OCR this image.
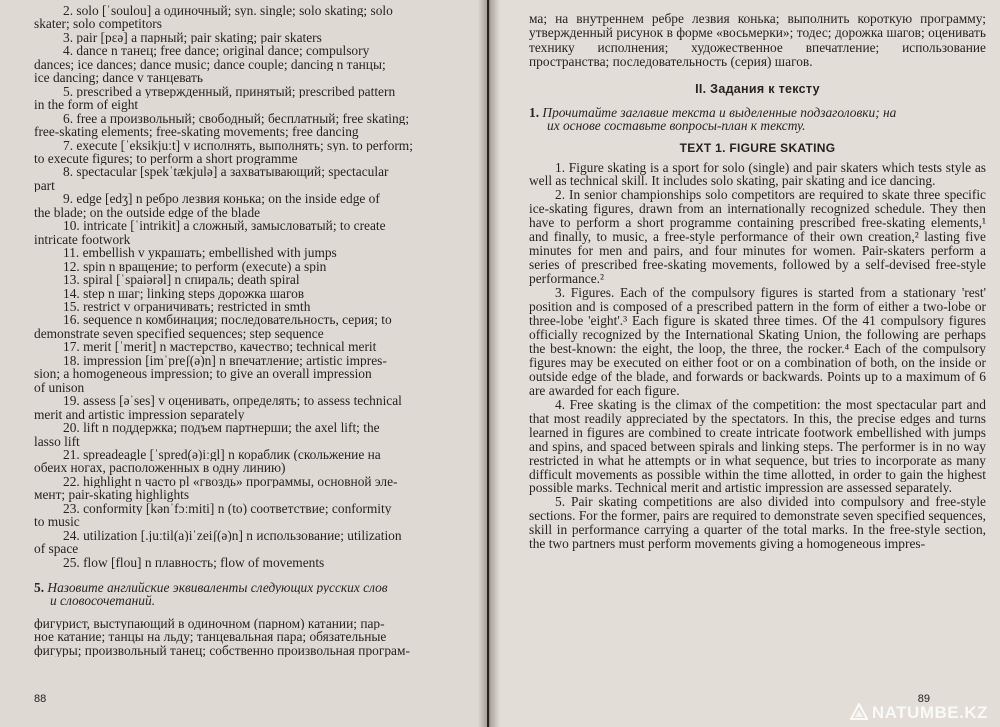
2. solo [ˈsoulou] a одиночный; syn. single; solo skating; solo
skater; solo competitors
3. pair [pɛə] a парный; pair skating; pair skaters
4. dance n танец; free dance; original dance; compulsory
dances; ice dances; dance music; dance couple; dancing n танцы;
ice dancing; dance v танцевать
5. prescribed a утвержденный, принятый; prescribed pattern
in the form of eight
6. free a произвольный; свободный; бесплатный; free skating;
free-skating elements; free-skating movements; free dancing
7. execute [ˈeksikjuːt] v исполнять, выполнять; syn. to perform;
to execute figures; to perform a short programme
8. spectacular [spekˈtækjulə] a захватывающий; spectacular
part
9. edge [edʒ] n ребро лезвия конька; on the inside edge of
the blade; on the outside edge of the blade
10. intricate [ˈintrikit] a сложный, замысловатый; to create
intricate footwork
11. embellish v украшать; embellished with jumps
12. spin n вращение; to perform (execute) a spin
13. spiral [ˈspaiərəl] n спираль; death spiral
14. step n шаг; linking steps дорожка шагов
15. restrict v ограничивать; restricted in smth
16. sequence n комбинация; последовательность, серия; to
demonstrate seven specified sequences; step sequence
17. merit [ˈmerit] n мастерство, качество; technical merit
18. impression [imˈpreʃ(ə)n] n впечатление; artistic impres-
sion; a homogeneous impression; to give an overall impression
of unison
19. assess [əˈses] v оценивать, определять; to assess technical
merit and artistic impression separately
20. lift n поддержка; подъем партнерши; the axel lift; the
lasso lift
21. spreadeagle [ˈspred(ə)iːgl] n кораблик (скольжение на
обеих ногах, расположенных в одну линию)
22. highlight n часто pl «гвоздь» программы, основной эле-
мент; pair-skating highlights
23. conformity [kənˈfɔːmiti] n (to) соответствие; conformity
to music
24. utilization [.juːtil(a)iˈzeiʃ(ə)n] n использование; utilization
of space
25. flow [flou] n плавность; flow of movements
5. Назовите английские эквиваленты следующих русских слов
и словосочетаний.
фигурист, выступающий в одиночном (парном) катании; пар-
ное катание; танцы на льду; танцевальная пара; обязательные
фигуры; произвольный танец; собственно произвольная програм-
88
ма; на внутреннем ребре лезвия конька; выполнить короткую программу; утвержденный рисунок в форме «восьмерки»; тодес; дорожка шагов; оценивать технику исполнения; художественное впечатление; использование пространства; последовательность (серия) шагов.
II. Задания к тексту
1. Прочитайте заглавие текста и выделенные подзаголовки; на
их основе составьте вопросы-план к тексту.
TEXT 1. FIGURE SKATING

1. Figure skating is a sport for solo (single) and pair skaters which tests style as well as technical skill. It includes solo skating, pair skating and ice dancing.

2. In senior championships solo competitors are required to skate three specific ice-skating figures, drawn from an internationally recognized schedule. They then have to perform a short programme containing prescribed free-skating elements,¹ and finally, to music, a free-style performance of their own creation,² lasting five minutes for men and pairs, and four minutes for women. Pair-skaters perform a series of prescribed free-skating movements, followed by a self-devised free-style performance.²

3. Figures. Each of the compulsory figures is started from a stationary 'rest' position and is composed of a prescribed pattern in the form of either a two-lobe or three-lobe 'eight'.³ Each figure is skated three times. Of the 41 compulsory figures officially recognized by the International Skating Union, the following are perhaps the best-known: the eight, the loop, the three, the rocker.⁴ Each of the compulsory figures may be executed on either foot or on a combination of both, on the inside or outside edge of the blade, and forwards or backwards. Points up to a maximum of 6 are awarded for each figure.

4. Free skating is the climax of the competition: the most spectacular part and that most readily appreciated by the spectators. In this, the precise edges and turns learned in figures are combined to create intricate footwork embellished with jumps and spins, and spaced between spirals and linking steps. The performer is in no way restricted in what he attempts or in what sequence, but tries to incorporate as many difficult movements as possible within the time allotted, in order to gain the highest possible marks. Technical merit and artistic impression are assessed separately.

5. Pair skating competitions are also divided into compulsory and free-style sections. For the former, pairs are required to demonstrate seven specified sequences, skill in performance carrying a quarter of the total marks. In the free-style section, the two partners must perform movements giving a homogeneous impres-

89
NATUMBE.KZ
